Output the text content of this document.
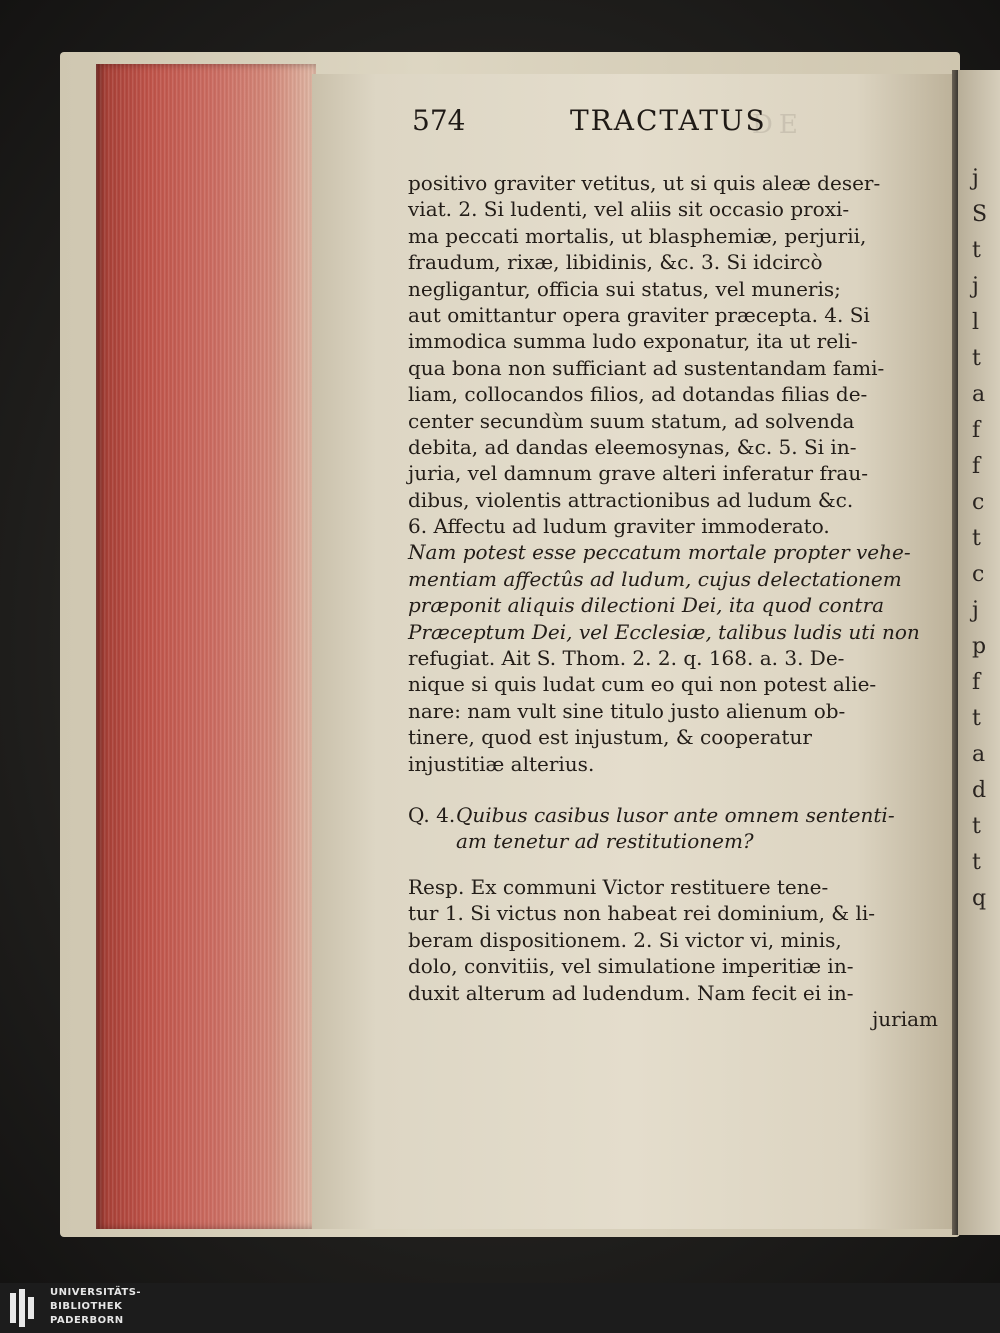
574	TRACTATUS
DE
positivo graviter vetitus, ut si quis aleæ deser-
viat. 2. Si ludenti, vel aliis sit occasio proxi-
ma peccati mortalis, ut blasphemiæ, perjurii,
fraudum, rixæ, libidinis, &c. 3. Si idcircò
negligantur, officia sui status, vel muneris;
aut omittantur opera graviter præcepta. 4. Si
immodica summa ludo exponatur, ita ut reli-
qua bona non sufficiant ad sustentandam fami-
liam, collocandos filios, ad dotandas filias de-
center secundùm suum statum, ad solvenda
debita, ad dandas eleemosynas, &c. 5. Si in-
juria, vel damnum grave alteri inferatur frau-
dibus, violentis attractionibus ad ludum &c.
6. Affectu ad ludum graviter immoderato.
Nam potest esse peccatum mortale propter vehe-
mentiam affectûs ad ludum, cujus delectationem
præponit aliquis dilectioni Dei, ita quod contra
Præceptum Dei, vel Ecclesiæ, talibus ludis uti non
refugiat. Ait S. Thom. 2. 2. q. 168. a. 3. De-
nique si quis ludat cum eo qui non potest alie-
nare: nam vult sine titulo justo alienum ob-
tinere, quod est injustum, & cooperatur
injustitiæ alterius.
Q. 4.Quibus casibus lusor ante omnem sententi-
am tenetur ad restitutionem?
Resp. Ex communi Victor restituere tene-
tur 1. Si victus non habeat rei dominium, & li-
beram dispositionem. 2. Si victor vi, minis,
dolo, convitiis, vel simulatione imperitiæ in-
duxit alterum ad ludendum. Nam fecit ei in-
juriam
j
S
t
j
l
t
a
f
f
c
t
c
j
p
f
t
a
d
t
t
q
UNIVERSITÄTS-
BIBLIOTHEK
PADERBORN
